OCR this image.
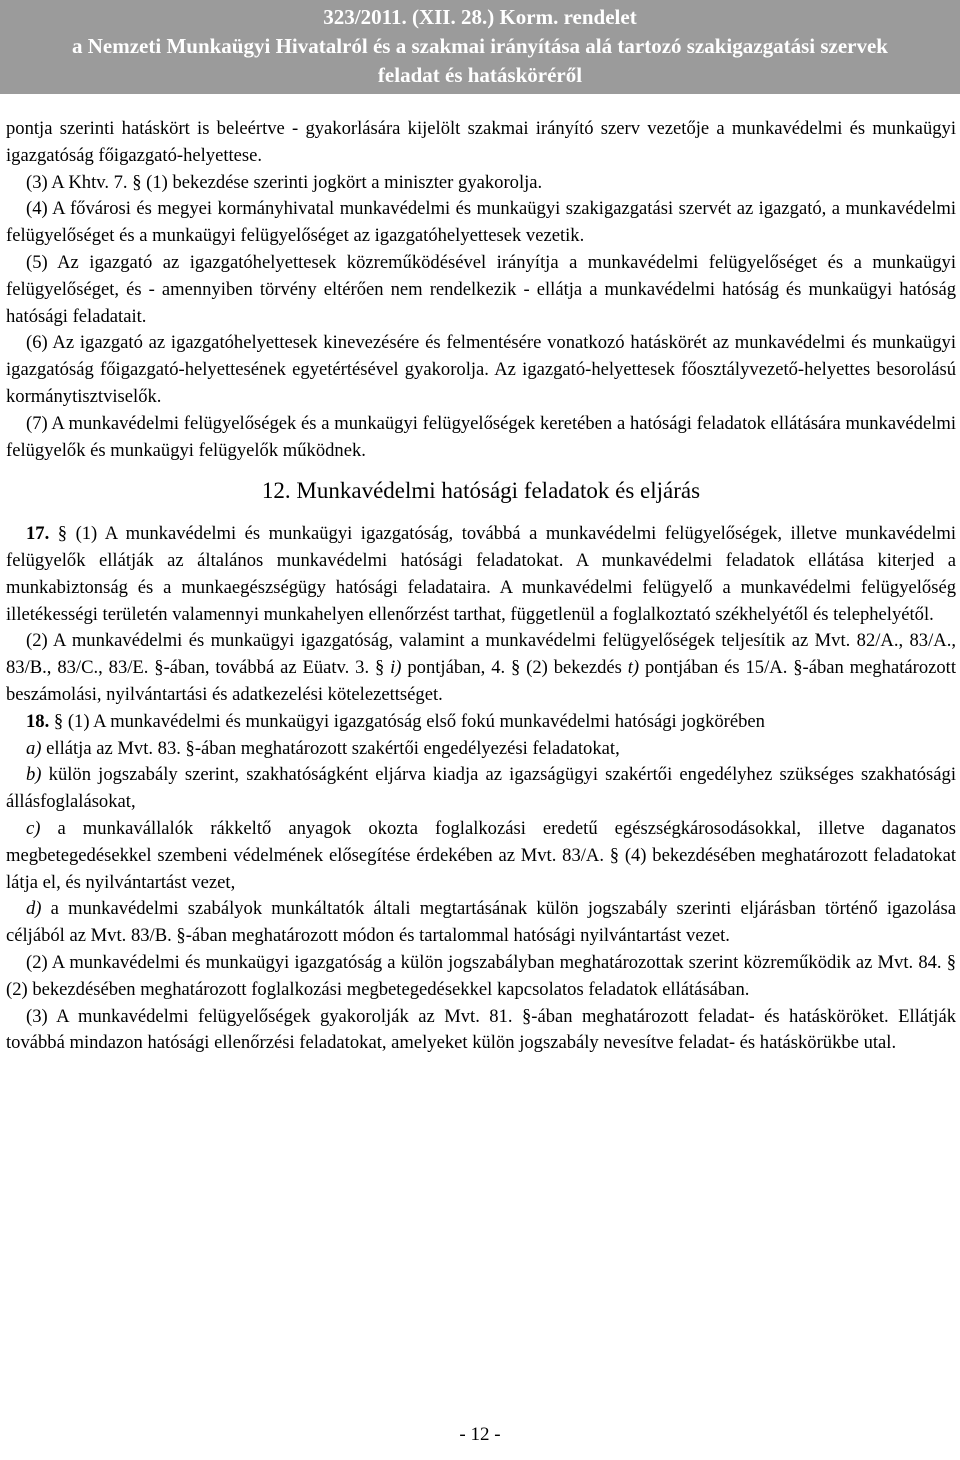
323/2011. (XII. 28.) Korm. rendelet
a Nemzeti Munkaügyi Hivatalról és a szakmai irányítása alá tartozó szakigazgatási szervek
feladat és hatásköréről

pontja szerinti hatáskört is beleértve - gyakorlására kijelölt szakmai irányító szerv vezetője a munkavédelmi és munkaügyi igazgatóság főigazgató-helyettese.

(3) A Khtv. 7. § (1) bekezdése szerinti jogkört a miniszter gyakorolja.

(4) A fővárosi és megyei kormányhivatal munkavédelmi és munkaügyi szakigazgatási szervét az igazgató, a munkavédelmi felügyelőséget és a munkaügyi felügyelőséget az igazgatóhelyettesek vezetik.

(5) Az igazgató az igazgatóhelyettesek közreműködésével irányítja a munkavédelmi felügyelőséget és a munkaügyi felügyelőséget, és - amennyiben törvény eltérően nem rendelkezik - ellátja a munkavédelmi hatóság és munkaügyi hatóság hatósági feladatait.

(6) Az igazgató az igazgatóhelyettesek kinevezésére és felmentésére vonatkozó hatáskörét az munkavédelmi és munkaügyi igazgatóság főigazgató-helyettesének egyetértésével gyakorolja. Az igazgató-helyettesek főosztályvezető-helyettes besorolású kormánytisztviselők.

(7) A munkavédelmi felügyelőségek és a munkaügyi felügyelőségek keretében a hatósági feladatok ellátására munkavédelmi felügyelők és munkaügyi felügyelők működnek.

12. Munkavédelmi hatósági feladatok és eljárás

17. § (1) A munkavédelmi és munkaügyi igazgatóság, továbbá a munkavédelmi felügyelőségek, illetve munkavédelmi felügyelők ellátják az általános munkavédelmi hatósági feladatokat. A munkavédelmi feladatok ellátása kiterjed a munkabiztonság és a munkaegészségügy hatósági feladataira. A munkavédelmi felügyelő a munkavédelmi felügyelőség illetékességi területén valamennyi munkahelyen ellenőrzést tarthat, függetlenül a foglalkoztató székhelyétől és telephelyétől.

(2) A munkavédelmi és munkaügyi igazgatóság, valamint a munkavédelmi felügyelőségek teljesítik az Mvt. 82/A., 83/A., 83/B., 83/C., 83/E. §-ában, továbbá az Eüatv. 3. § i) pontjában, 4. § (2) bekezdés t) pontjában és 15/A. §-ában meghatározott beszámolási, nyilvántartási és adatkezelési kötelezettséget.

18. § (1) A munkavédelmi és munkaügyi igazgatóság első fokú munkavédelmi hatósági jogkörében

a) ellátja az Mvt. 83. §-ában meghatározott szakértői engedélyezési feladatokat,

b) külön jogszabály szerint, szakhatóságként eljárva kiadja az igazságügyi szakértői engedélyhez szükséges szakhatósági állásfoglalásokat,

c) a munkavállalók rákkeltő anyagok okozta foglalkozási eredetű egészségkárosodásokkal, illetve daganatos megbetegedésekkel szembeni védelmének elősegítése érdekében az Mvt. 83/A. § (4) bekezdésében meghatározott feladatokat látja el, és nyilvántartást vezet,

d) a munkavédelmi szabályok munkáltatók általi megtartásának külön jogszabály szerinti eljárásban történő igazolása céljából az Mvt. 83/B. §-ában meghatározott módon és tartalommal hatósági nyilvántartást vezet.

(2) A munkavédelmi és munkaügyi igazgatóság a külön jogszabályban meghatározottak szerint közreműködik az Mvt. 84. § (2) bekezdésében meghatározott foglalkozási megbetegedésekkel kapcsolatos feladatok ellátásában.

(3) A munkavédelmi felügyelőségek gyakorolják az Mvt. 81. §-ában meghatározott feladat- és hatásköröket. Ellátják továbbá mindazon hatósági ellenőrzési feladatokat, amelyeket külön jogszabály nevesítve feladat- és hatáskörükbe utal.

- 12 -
